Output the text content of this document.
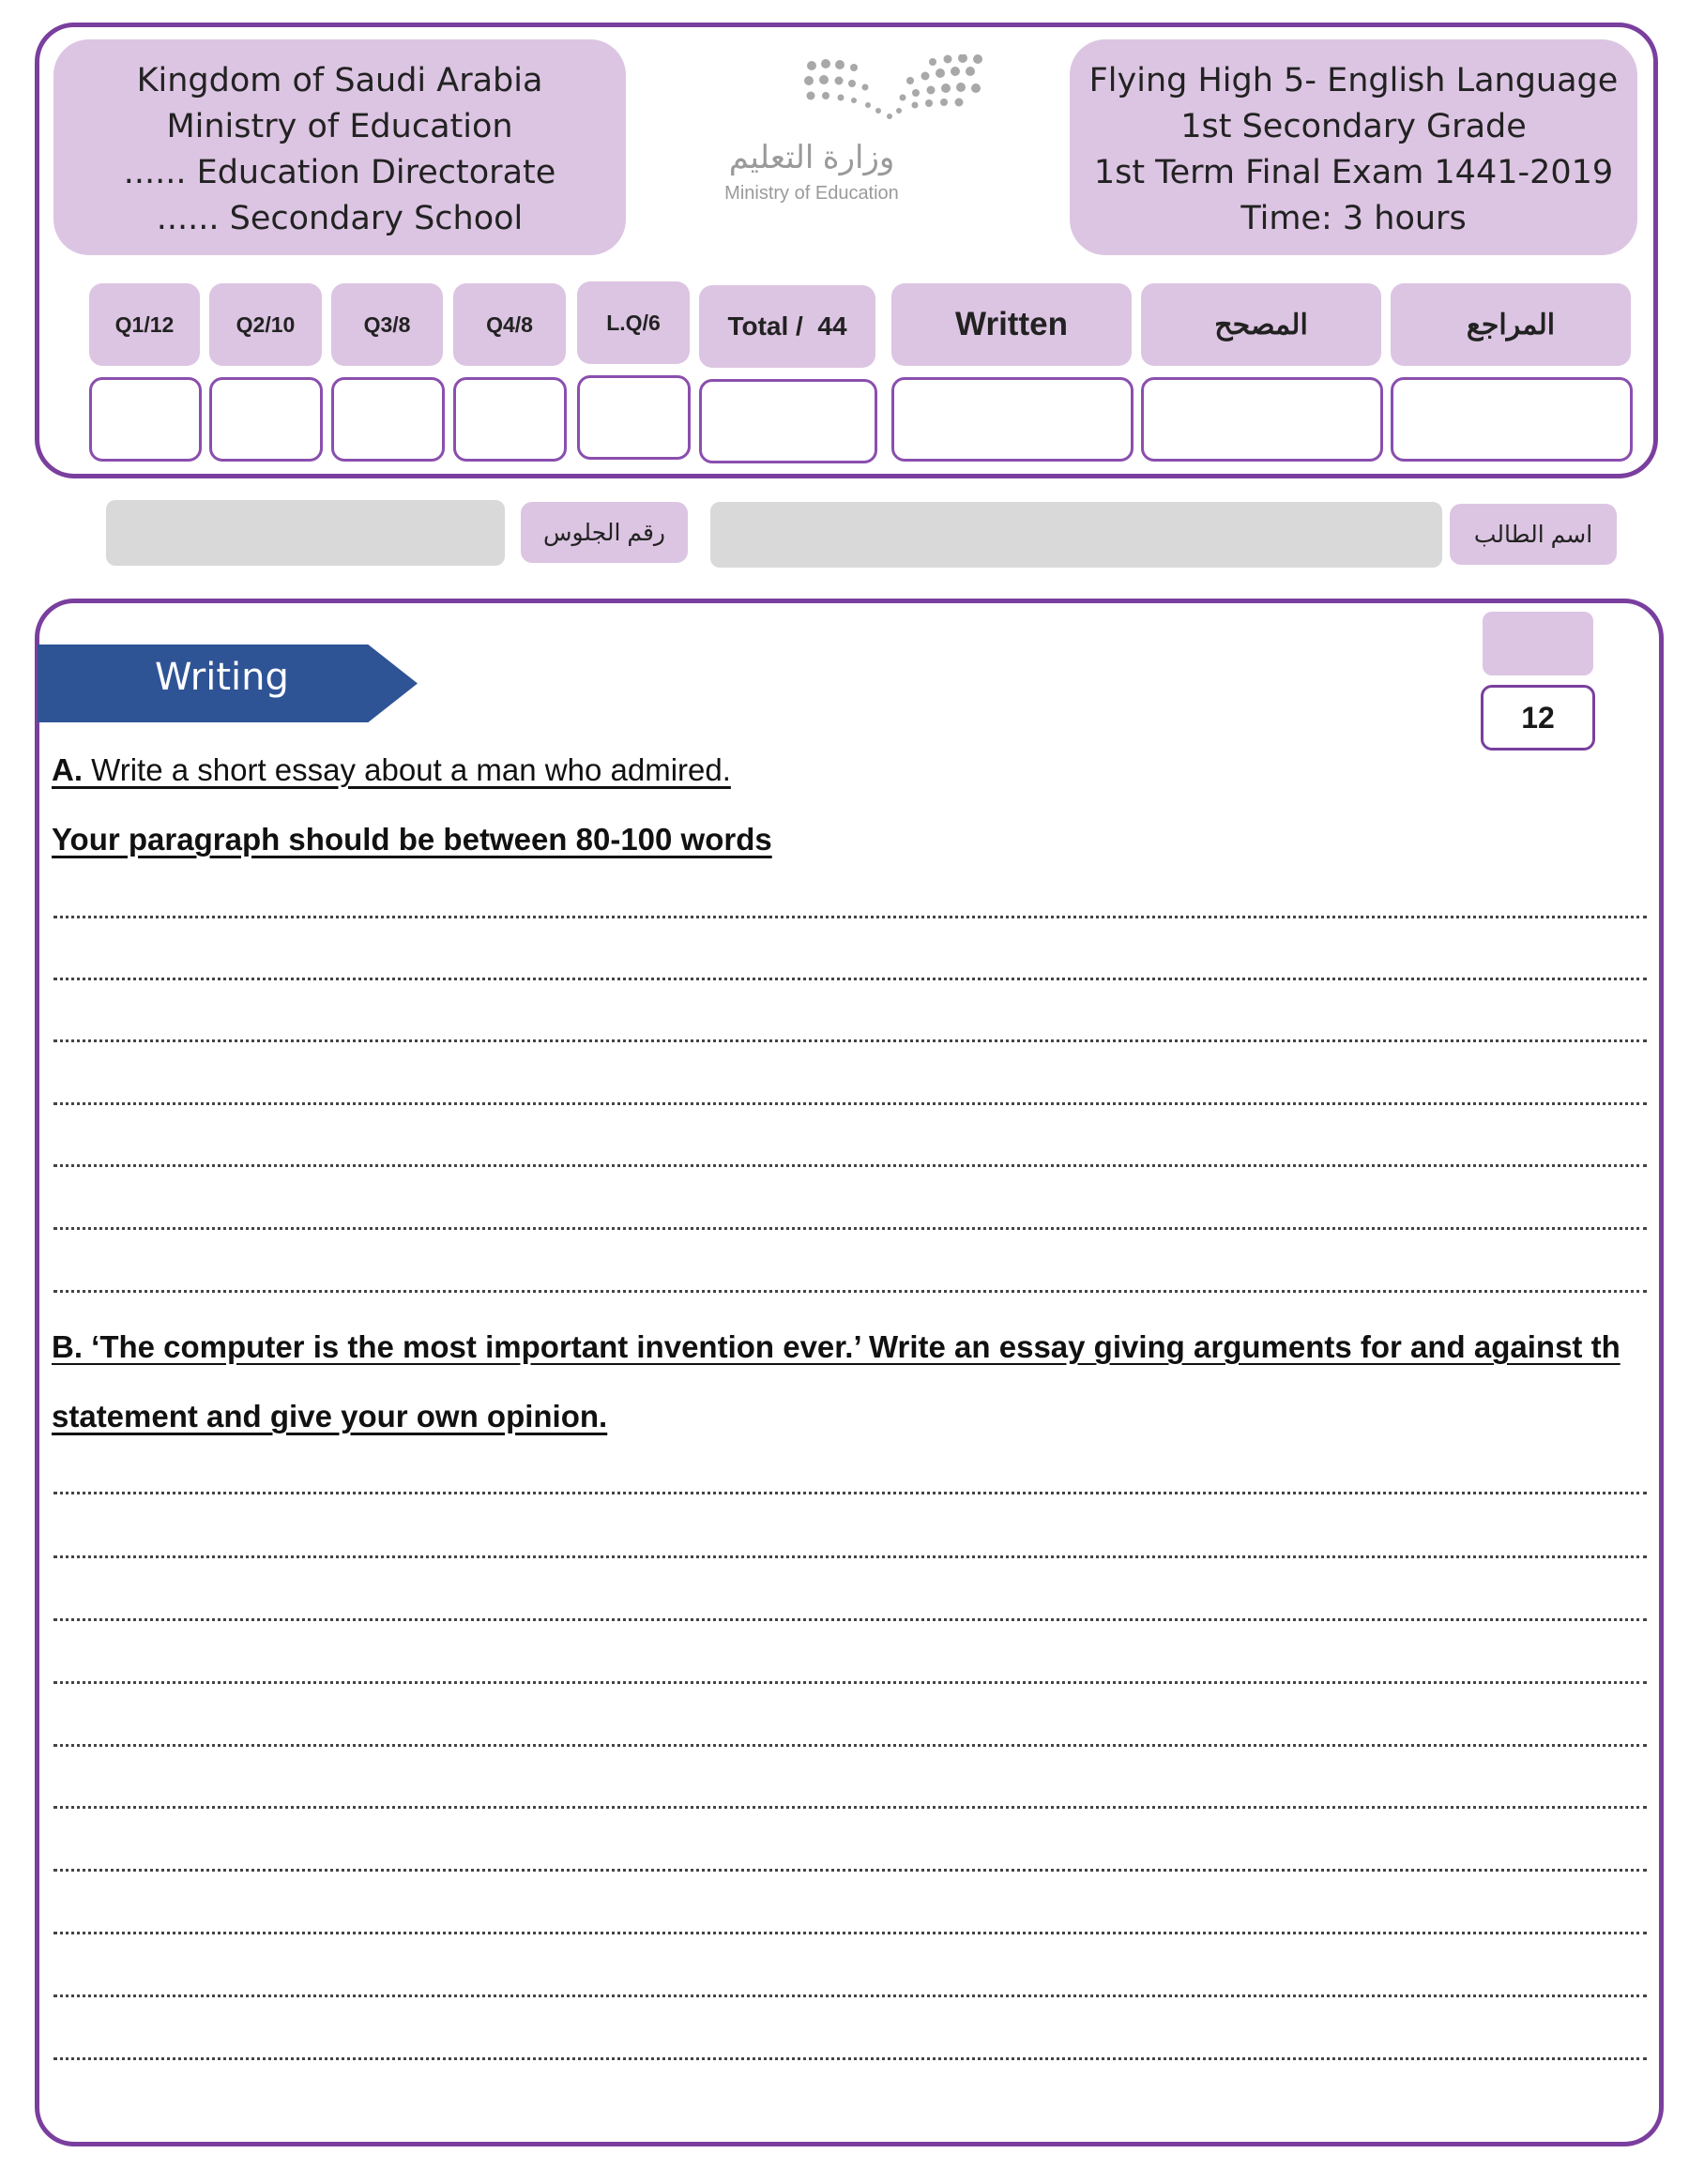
Kingdom of Saudi Arabia
Ministry of Education
...... Education Directorate
...... Secondary School
وزارة التعليم
Ministry of Education
Flying High 5- English Language
1st Secondary Grade
1st Term Final Exam 1441-2019
Time: 3 hours
Q1/12	Q2/10	Q3/8	Q4/8	L.Q/6	Total /  44	Written	المصحح	المراجع
رقم الجلوس	اسم الطالب
Writing
12
A. Write a short essay about a man who admired.
Your paragraph should be between 80-100 words
B. ‘The computer is the most important invention ever.’ Write an essay giving arguments for and against th
statement and give your own opinion.
